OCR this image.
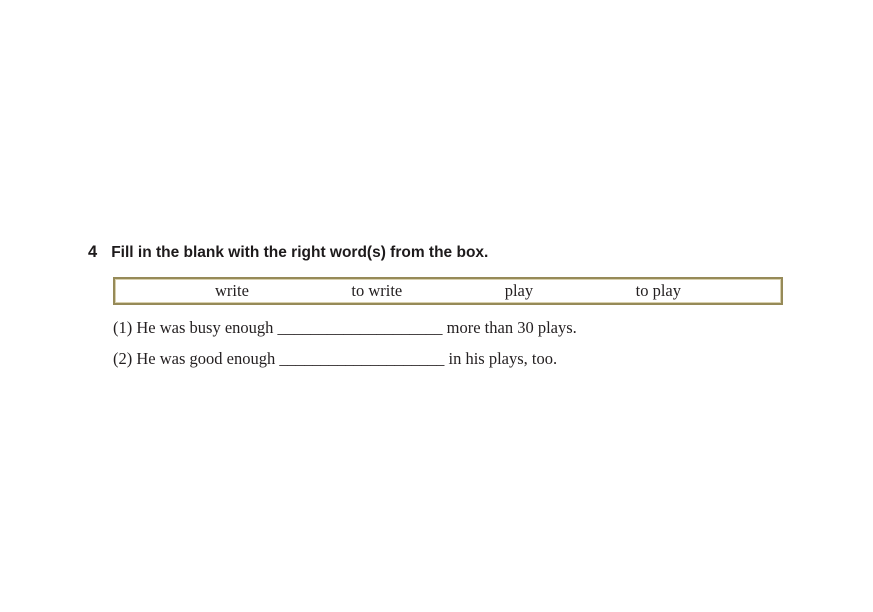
4 Fill in the blank with the right word(s) from the box.
write	to write	play	to play
(1) He was busy enough ____________________ more than 30 plays.
(2) He was good enough ____________________ in his plays, too.
